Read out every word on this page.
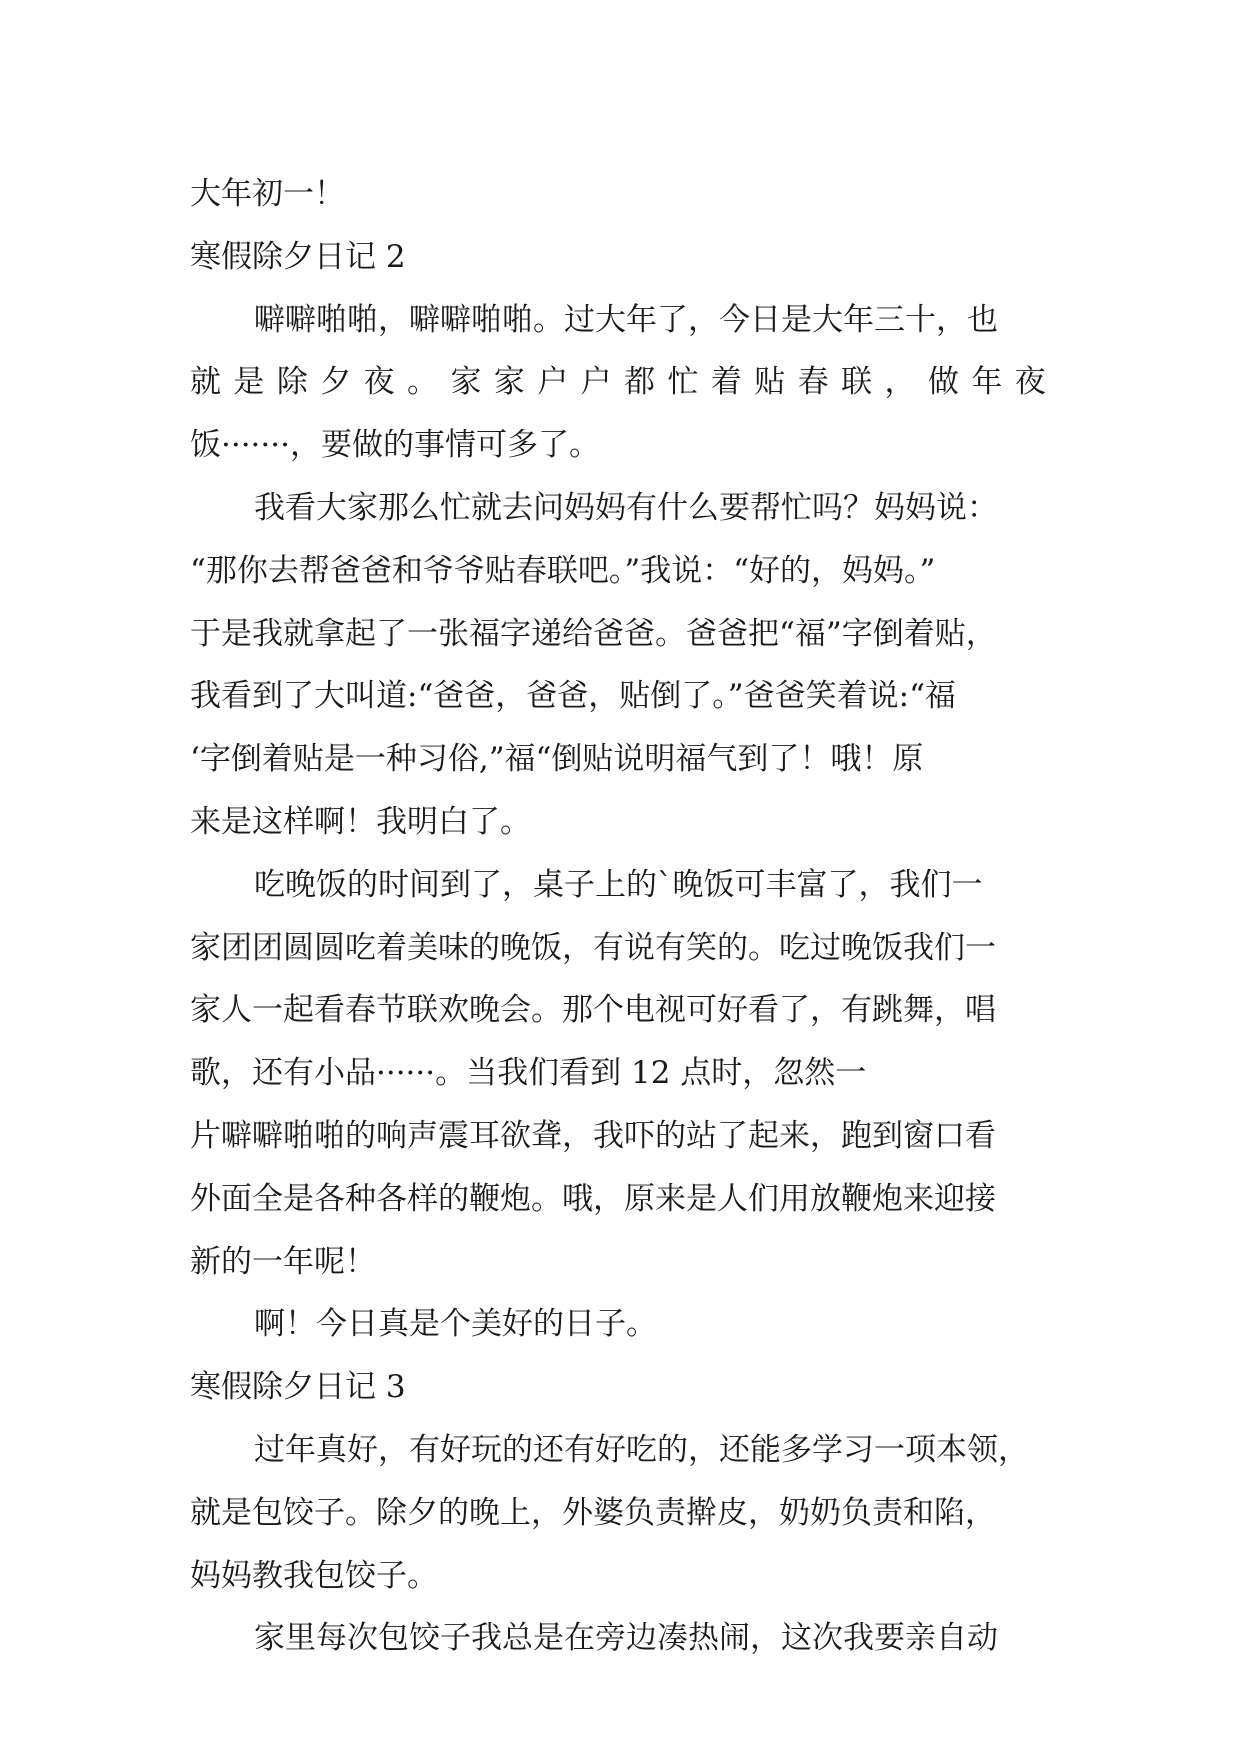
大年初一！
寒假除夕日记 2
噼噼啪啪，噼噼啪啪。过大年了，今日是大年三十，也
就 是 除 夕 夜 。 家 家 户 户 都 忙 着 贴 春 联 ， 做 年 夜
饭·······，要做的事情可多了。
我看大家那么忙就去问妈妈有什么要帮忙吗？妈妈说：
“那你去帮爸爸和爷爷贴春联吧。”我说：“好的，妈妈。”
于是我就拿起了一张福字递给爸爸。爸爸把“福”字倒着贴，
我看到了大叫道:“爸爸，爸爸，贴倒了。”爸爸笑着说:“福
‘字倒着贴是一种习俗,”福“倒贴说明福气到了！哦！原
来是这样啊！我明白了。
吃晚饭的时间到了，桌子上的`晚饭可丰富了，我们一
家团团圆圆吃着美味的晚饭，有说有笑的。吃过晚饭我们一
家人一起看春节联欢晚会。那个电视可好看了，有跳舞，唱
歌，还有小品······。当我们看到 12 点时，忽然一
片噼噼啪啪的响声震耳欲聋，我吓的站了起来，跑到窗口看
外面全是各种各样的鞭炮。哦，原来是人们用放鞭炮来迎接
新的一年呢！
啊！今日真是个美好的日子。
寒假除夕日记 3
过年真好，有好玩的还有好吃的，还能多学习一项本领，
就是包饺子。除夕的晚上，外婆负责擀皮，奶奶负责和陷，
妈妈教我包饺子。
家里每次包饺子我总是在旁边凑热闹，这次我要亲自动
